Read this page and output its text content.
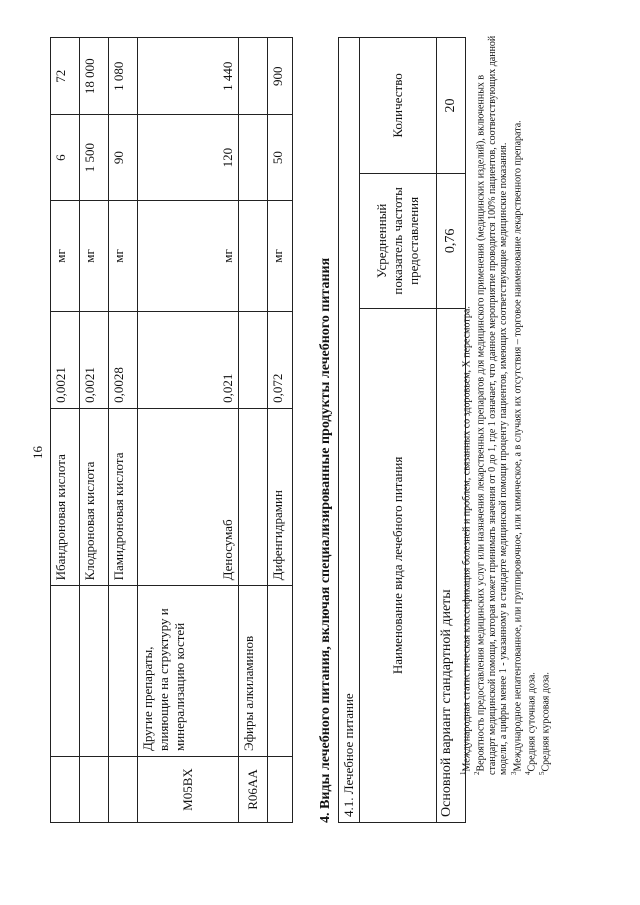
16
		Ибандроновая кислота	0,0021	мг	6	72
		Клодроновая кислота	0,0021	мг	1 500	18 000
		Памидроновая кислота	0,0028	мг	90	1 080
M05BX	Другие препараты, влияющие на структуру и минерализацию костей	Деносумаб	0,021	мг	120	1 440
R06AA	Эфиры алкиламинов					
		Дифенгидрамин	0,072	мг	50	900
4. Виды лечебного питания, включая специализированные продукты лечебного питания 4.1. Лечебное питание		
Наименование вида лечебного питания	Усредненный показатель частоты предоставления	Количество
Основной вариант стандартной диеты	0,76	20

$^1$Международная статистическая классификация болезней и проблем, связанных со здоровьем, X пересмотра.

$^2$Вероятность предоставления медицинских услуг или назначения лекарственных препаратов для медицинского применения (медицинских изделий), включенных в стандарт медицинской помощи, которая может принимать значения от 0 до 1, где 1 означает, что данное мероприятие проводится 100% пациентов, соответствующих данной модели, а цифры менее 1 - указанному в стандарте медицинской помощи проценту пациентов, имеющих соответствующие медицинские показания. $^3$Международное непатентованное, или группировочное, или химическое, а в случаях их отсутствия – торговое наименование лекарственного препарата.

$^4$Средняя суточная доза.

$^5$Средняя курсовая доза.
